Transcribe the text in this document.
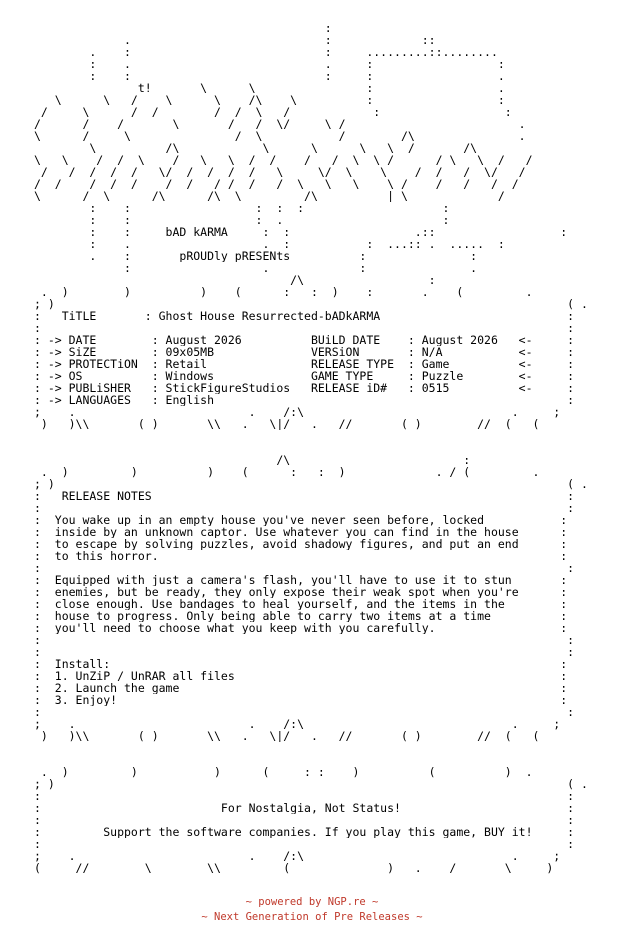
:
.                            :             ::
.    :                            :     .........::........
:    .                            .     :                  :
:    :                _______     :     :                  .
______   t!  _____\_     \_  _______      :                  .
_\    __\___/  __\__    \_  _/\_   \_         :                  :
/     \_    _/  /        /  /  \  _/     _      :                  :
/     _/    /      _\_______/___/  \/     \_/                         .
\______/     \_______________/ _\___________/      __/\__             .
____\____  ____/\_  _____  __\______\___  _\_  \  /     __/\__    ____
\_  \  __/  /__\_  _/   \_  \  /__/   _/   / _\  \_/     _/ \   \_ /  _/
/  _/  /  /  /   \/  /  /  /  /   \_  __\/  \    \   _/  /   /  \/   /
/  /   _/ _/  /   _/ _/  _/_/  /  _/  \   \   \____\_/   _/ __/   /  /
\______/  \______/\______/\__\_________/\__________|_\_____________/
:    :                  :  :  :                    :
:    :                  :  .                       :
:    :     bAD kARMA     :  :                  .::                  :
:    .                   .  :           :  ...:: .  .....  :
.    :       pROUDly pRESENts          :               :
:                   .             :               .
___________________________________/\__________________:_______________________
.__)________)__________)____(______:___:__)____:_______.____(_________.
;_)                                                                          (_.
:   TiTLE       : Ghost_House_Resurrected-bADkARMA                           :
:                                                                            :
: -> DATE        : August 2026          BUiLD DATE    : August 2026   <-     :
: -> SiZE        : 09x05MB              VERSiON       : N/A           <-     :
: -> PROTECTiON  : Retail               RELEASE TYPE  : Game          <-     :
: -> OS          : Windows              GAME TYPE     : Puzzle        <-     :
: -> PUBLiSHER   : StickFigureStudios   RELEASE iD#   : 0515          <-     :
: -> LANGUAGES   : English                                                   :
;_  _.________ ______ ____ ____.____/:\__________ _________ _________._   _;
)___)\\_______( )_______\\___.___\|/___.___//_______( )________//__(___(

__________                     /\______           ________:_
.__)_________)__________)____(______:___:__)_____________._/_(_________.
;_)                                                                          (_.
:   RELEASE NOTES                                                            :
:                                                                            :
:  You wake up in an empty house you've never seen before, locked           :
:  inside by an unknown captor. Use whatever you can find in the house      :
:  to escape by solving puzzles, avoid shadowy figures, and put an end      :
:  to this horror.                                                          :
:                                                                            :
:  Equipped with just a camera's flash, you'll have to use it to stun       :
:  enemies, but be ready, they only expose their weak spot when you're      :
:  close enough. Use bandages to heal yourself, and the items in the        :
:  house to progress. Only being able to carry two items at a time          :
:  you'll need to choose what you keep with you carefully.                  :
:                                                                            :
:                                                                            :
:  Install:                                                                 :
:  1. UnZiP / UnRAR all files                                               :
:  2. Launch the game                                                       :
:  3. Enjoy!                                                                :
:                                                                            :
;_  _.________ ______ ____ ____.____/:\__________ _________ _________._   _;
)___)\\_______( )_______\\___.___\|/___.___//_______( )________//__(___(

__________              ______            ____________
.__)_________)___________)______(_____:_:____)__________(__________)__.
;_)                                                                          (_.
:                                                                            :
:                          For Nostalgia, Not Status!                        :
:                                                                            :
:         Support the software companies. If you play this game, BUY it!     :
:                                                                            :
;_  _.________ ______ ____ ____.____/:\__________ _________ _________._   _;
(_____//________\________\\_________(______________)___.____/_______\_____)
~ powered by NGP.re ~
~ Next Generation of Pre Releases ~
